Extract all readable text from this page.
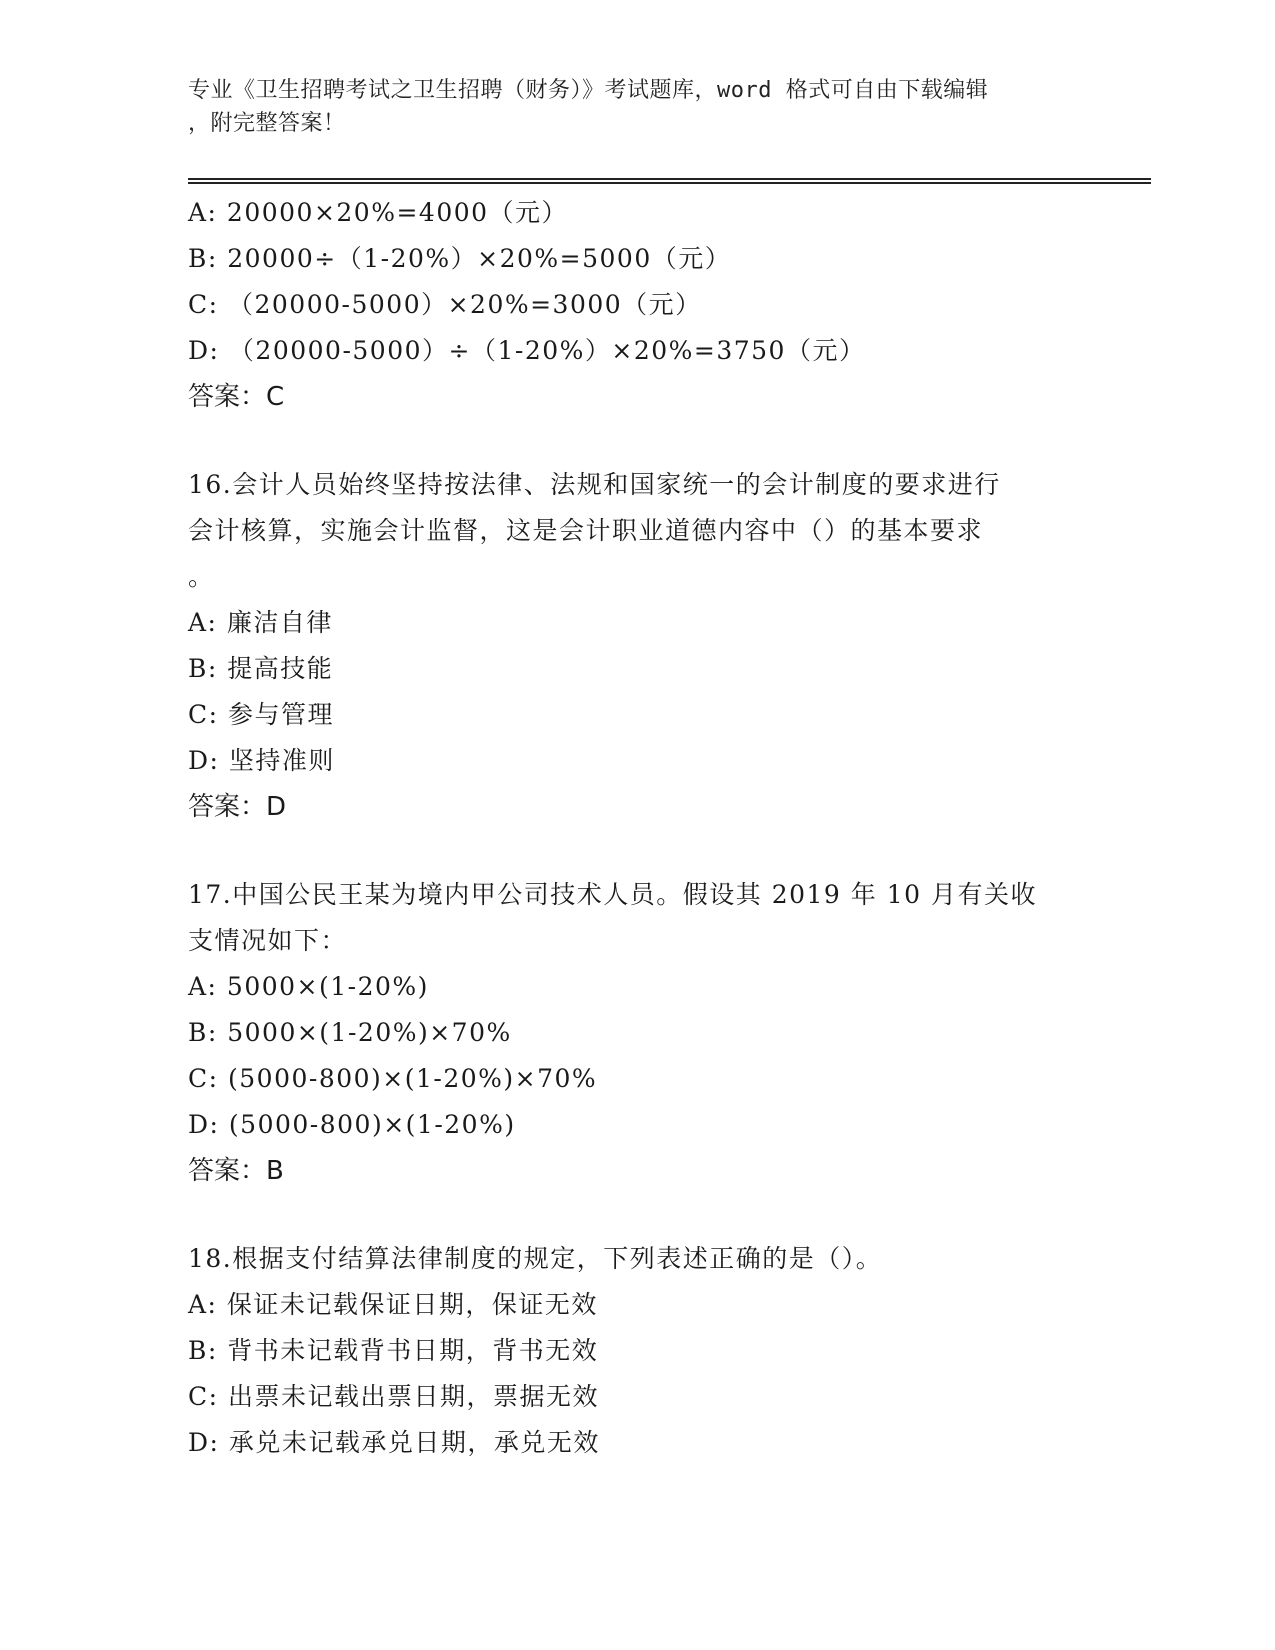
专业《卫生招聘考试之卫生招聘（财务）》考试题库，word 格式可自由下载编辑
，附完整答案！
A: 20000×20%=4000（元）
B: 20000÷（1-20%）×20%=5000（元）
C: （20000-5000）×20%=3000（元）
D: （20000-5000）÷（1-20%）×20%=3750（元）
答案：C
16.会计人员始终坚持按法律、法规和国家统一的会计制度的要求进行
会计核算，实施会计监督，这是会计职业道德内容中（）的基本要求
。
A: 廉洁自律
B: 提高技能
C: 参与管理
D: 坚持准则
答案：D
17.中国公民王某为境内甲公司技术人员。假设其 2019 年 10 月有关收
支情况如下：
A: 5000×(1-20%)
B: 5000×(1-20%)×70%
C: (5000-800)×(1-20%)×70%
D: (5000-800)×(1-20%)
答案：B
18.根据支付结算法律制度的规定，下列表述正确的是（）。
A: 保证未记载保证日期，保证无效
B: 背书未记载背书日期，背书无效
C: 出票未记载出票日期，票据无效
D: 承兑未记载承兑日期，承兑无效
